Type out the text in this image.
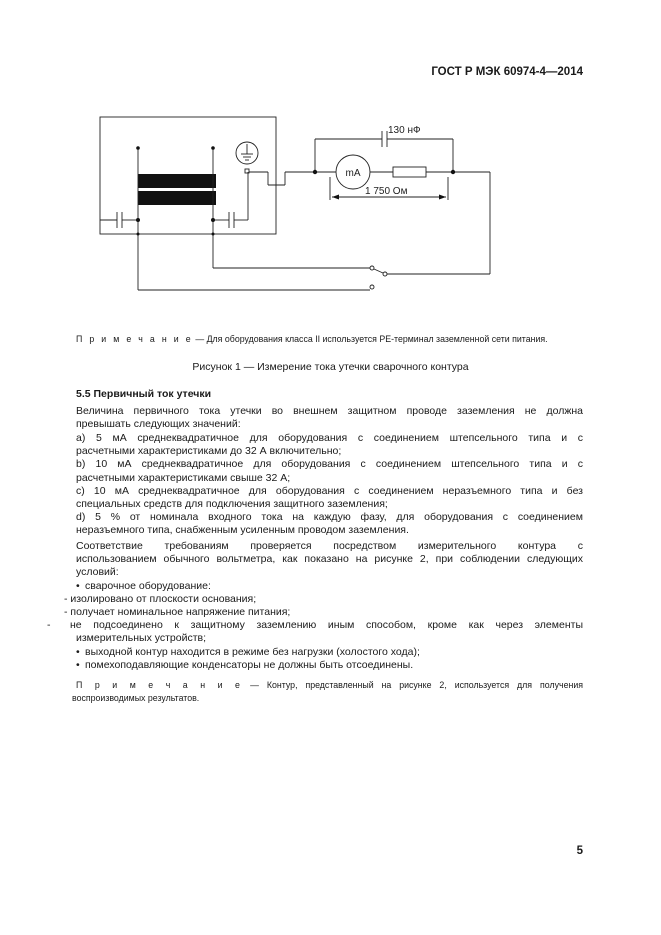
ГОСТ Р МЭК 60974-4—2014
130 нФ
mA
1 750 Ом
П р и м е ч а н и е — Для оборудования класса II используется PE-терминал заземленной сети питания.
Рисунок 1 — Измерение тока утечки сварочного контура
5.5 Первичный ток утечки
Величина первичного тока утечки во внешнем защитном проводе заземления не должна
превышать следующих значений:
a) 5 мА среднеквадратичное для оборудования с соединением штепсельного типа и с
расчетными характеристиками до 32 А включительно;
b) 10 мА среднеквадратичное для оборудования с соединением штепсельного типа и с
расчетными характеристиками свыше 32 А;
c) 10 мА среднеквадратичное для оборудования с соединением неразъемного типа и без
специальных средств для подключения защитного заземления;
d) 5 % от номинала входного тока на каждую фазу, для оборудования с соединением
неразъемного типа, снабженным усиленным проводом заземления.
Соответствие требованиям проверяется посредством измерительного контура с
использованием обычного вольтметра, как показано на рисунке 2, при соблюдении следующих
условий:
• сварочное оборудование:
- изолировано от плоскости основания;
- получает номинальное напряжение питания;
- не подсоединено к защитному заземлению иным способом, кроме как через элементы
измерительных устройств;
• выходной контур находится в режиме без нагрузки (холостого хода);
• помехоподавляющие конденсаторы не должны быть отсоединены.
П р и м е ч а н и е — Контур, представленный на рисунке 2, используется для получения
воспроизводимых результатов.
5
